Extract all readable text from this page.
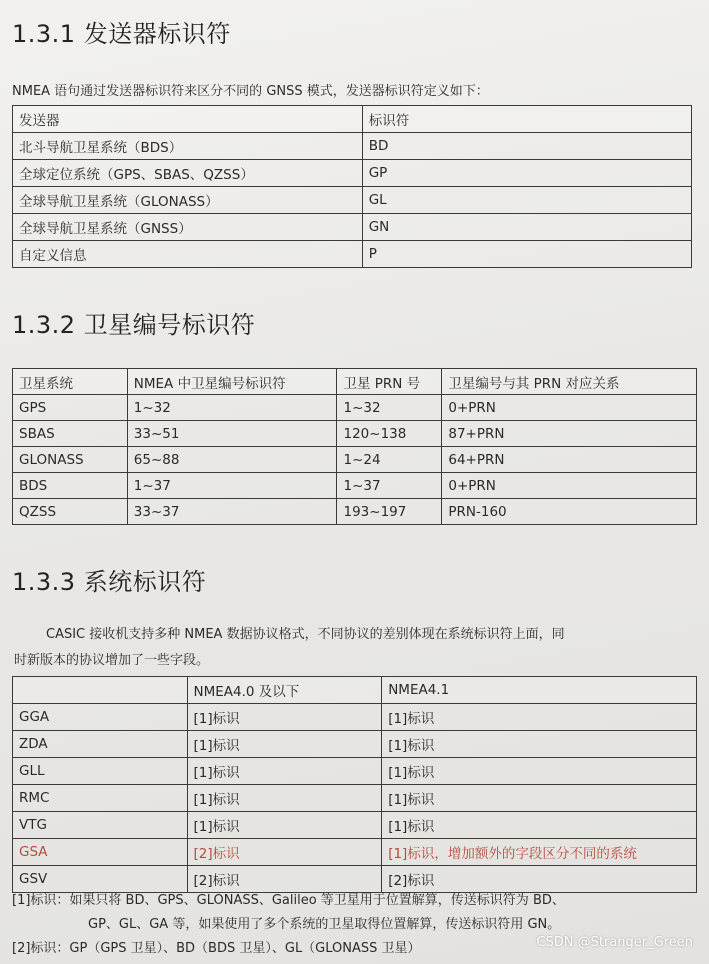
1.3.1 发送器标识符

NMEA 语句通过发送器标识符来区分不同的 GNSS 模式，发送器标识符定义如下：

发送器	标识符
北斗导航卫星系统（BDS）	BD
全球定位系统（GPS、SBAS、QZSS）	GP
全球导航卫星系统（GLONASS）	GL
全球导航卫星系统（GNSS）	GN
自定义信息	P
1.3.2 卫星编号标识符
卫星系统	NMEA 中卫星编号标识符	卫星 PRN 号	卫星编号与其 PRN 对应关系
GPS	1~32	1~32	0+PRN
SBAS	33~51	120~138	87+PRN
GLONASS	65~88	1~24	64+PRN
BDS	1~37	1~37	0+PRN
QZSS	33~37	193~197	PRN-160
1.3.3 系统标识符

CASIC 接收机支持多种 NMEA 数据协议格式，不同协议的差别体现在系统标识符上面，同

时新版本的协议增加了一些字段。

	NMEA4.0 及以下	NMEA4.1
GGA	[1]标识	[1]标识
ZDA	[1]标识	[1]标识
GLL	[1]标识	[1]标识
RMC	[1]标识	[1]标识
VTG	[1]标识	[1]标识
GSA	[2]标识	[1]标识，增加额外的字段区分不同的系统
GSV	[2]标识	[2]标识

[1]标识：如果只将 BD、GPS、GLONASS、Galileo 等卫星用于位置解算，传送标识符为 BD、

GP、GL、GA 等，如果使用了多个系统的卫星取得位置解算，传送标识符用 GN。

[2]标识：GP（GPS 卫星）、BD（BDS 卫星）、GL（GLONASS 卫星）	CSDN @Stranger_Green
